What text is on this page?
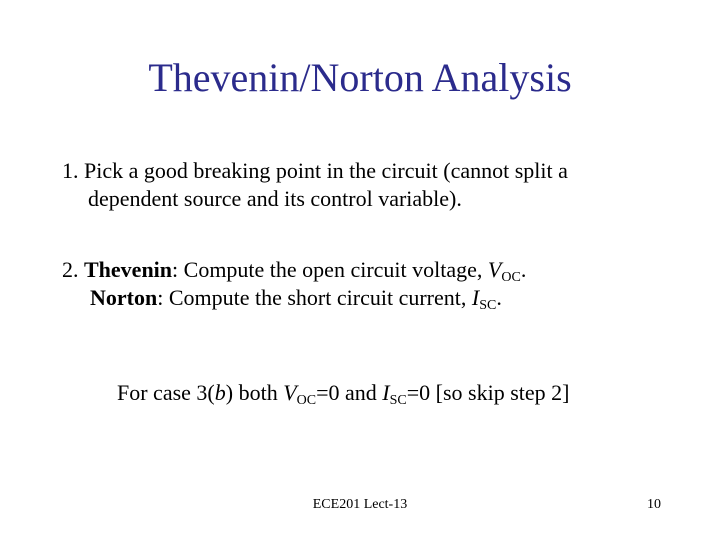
Thevenin/Norton Analysis

1. Pick a good breaking point in the circuit (cannot split a
dependent source and its control variable).

2. Thevenin: Compute the open circuit voltage, $V_{OC}$.
Norton: Compute the short circuit current, $I_{SC}$.

For case 3(b) both $V_{OC}=0$ and $I_{SC}=0$ [so skip step 2]

ECE201 Lect-13	10
